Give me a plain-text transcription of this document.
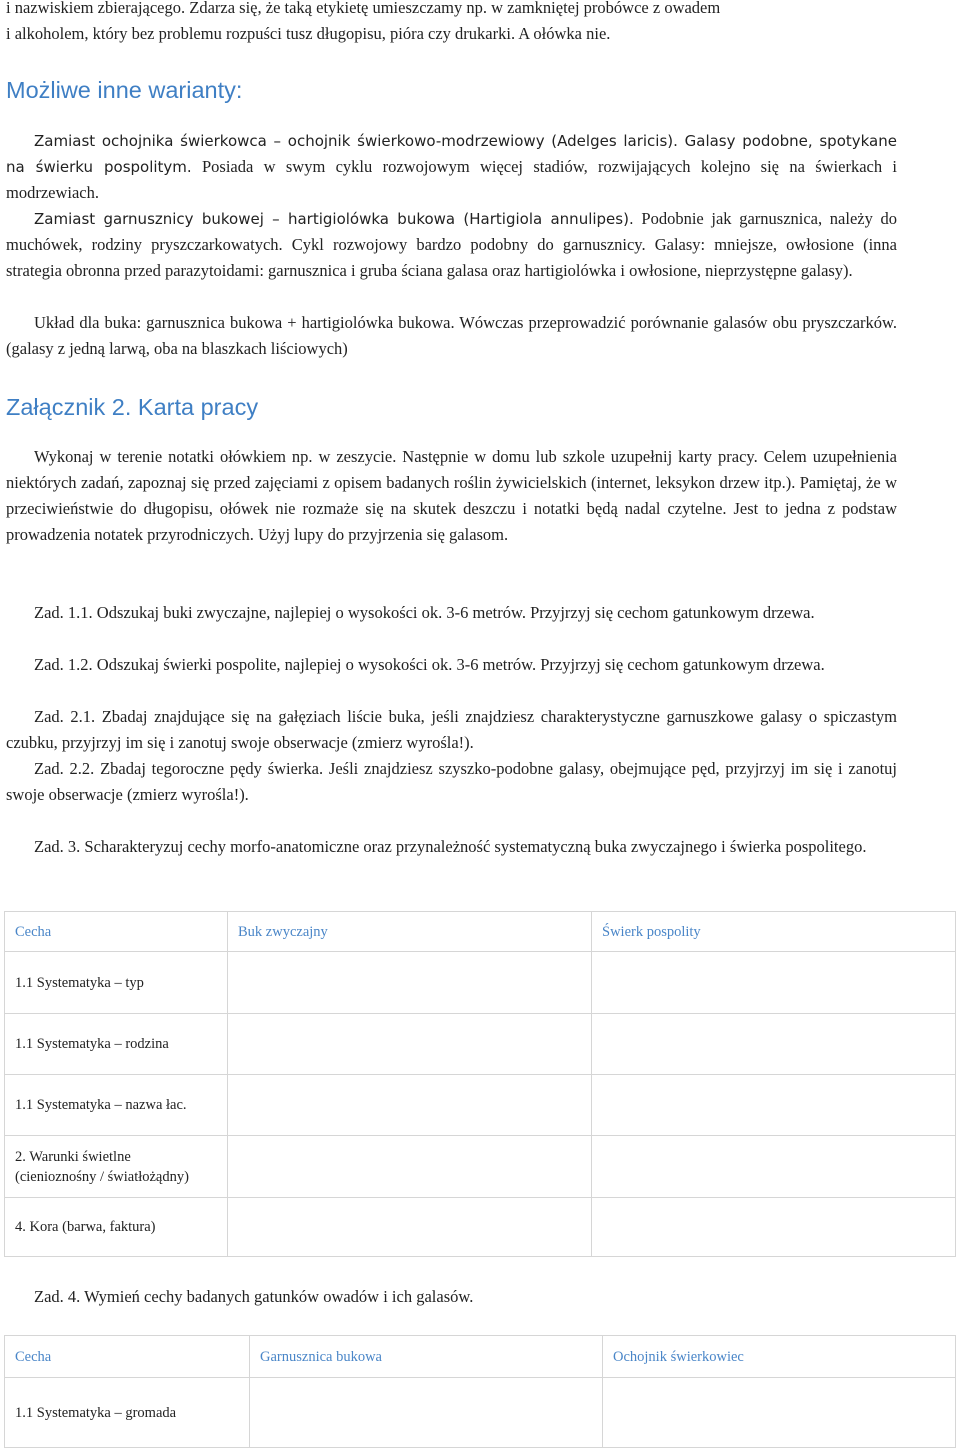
i nazwiskiem zbierającego. Zdarza się, że taką etykietę umieszczamy np. w zamkniętej probówce z owadem

i alkoholem, który bez problemu rozpuści tusz długopisu, pióra czy drukarki. A ołówka nie.

Możliwe inne warianty:

Zamiast ochojnika świerkowca – ochojnik świerkowo-modrzewiowy (Adelges laricis). Galasy podobne, spotykane na świerku pospolitym. Posiada w swym cyklu rozwojowym więcej stadiów, rozwijających kolejno się na świerkach i modrzewiach.

Zamiast garnusznicy bukowej – hartigiolówka bukowa (Hartigiola annulipes). Podobnie jak garnusznica, należy do muchówek, rodziny pryszczarkowatych. Cykl rozwojowy bardzo podobny do garnusznicy. Galasy: mniejsze, owłosione (inna strategia obronna przed parazytoidami: garnusznica i gruba ściana galasa oraz hartigiolówka i owłosione, nieprzystępne galasy).

Układ dla buka: garnusznica bukowa + hartigiolówka bukowa. Wówczas przeprowadzić porównanie galasów obu pryszczarków. (galasy z jedną larwą, oba na blaszkach liściowych)

Załącznik 2. Karta pracy

Wykonaj w terenie notatki ołówkiem np. w zeszycie. Następnie w domu lub szkole uzupełnij karty pracy. Celem uzupełnienia niektórych zadań, zapoznaj się przed zajęciami z opisem badanych roślin żywicielskich (internet, leksykon drzew itp.). Pamiętaj, że w przeciwieństwie do długopisu, ołówek nie rozmaże się na skutek deszczu i notatki będą nadal czytelne. Jest to jedna z podstaw prowadzenia notatek przyrodniczych. Użyj lupy do przyjrzenia się galasom.

Zad. 1.1. Odszukaj buki zwyczajne, najlepiej o wysokości ok. 3-6 metrów. Przyjrzyj się cechom gatunkowym drzewa.

Zad. 1.2. Odszukaj świerki pospolite, najlepiej o wysokości ok. 3-6 metrów. Przyjrzyj się cechom gatunkowym drzewa.

Zad. 2.1. Zbadaj znajdujące się na gałęziach liście buka, jeśli znajdziesz charakterystyczne garnuszkowe galasy o spiczastym czubku, przyjrzyj im się i zanotuj swoje obserwacje (zmierz wyrośla!).

Zad. 2.2. Zbadaj tegoroczne pędy świerka. Jeśli znajdziesz szyszko-podobne galasy, obejmujące pęd, przyjrzyj im się i zanotuj swoje obserwacje (zmierz wyrośla!).

Zad. 3. Scharakteryzuj cechy morfo-anatomiczne oraz przynależność systematyczną buka zwyczajnego i świerka pospolitego.

Cecha	Buk zwyczajny	Świerk pospolity
1.1 Systematyka – typ		
1.1 Systematyka – rodzina		
1.1 Systematyka – nazwa łac.		
2. Warunki świetlne
(cienioznośny / światłożądny)		
4. Kora (barwa, faktura)		

Zad. 4. Wymień cechy badanych gatunków owadów i ich galasów.

Cecha	Garnusznica bukowa	Ochojnik świerkowiec
1.1 Systematyka – gromada		
